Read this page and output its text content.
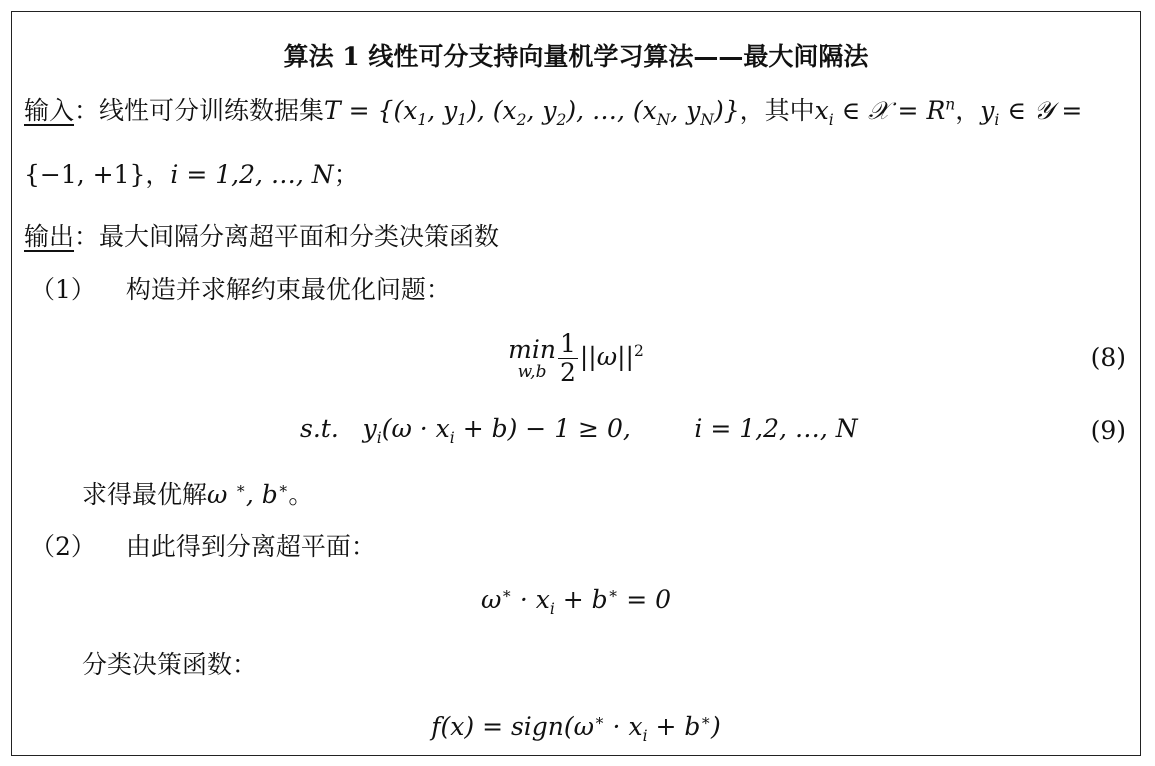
算法 1 线性可分支持向量机学习算法——最大间隔法
输入：线性可分训练数据集$T = \{(x_1$, $y_1$), ($x_2$, $y_2$), …, ($x_N$, $y_N$)}，其中$x_i$ ∈ 𝒳 = $R^n$，$y_i$ ∈ 𝒴 =
{−1, +1}，i = 1,2, …, N；
输出：最大间隔分离超平面和分类决策函数
（1） 构造并求解约束最优化问题：
min
$w,b \frac{1}{2} ||\omega||^2$	(8)
s.t.   $y_i(\omega \cdot x_i + b) - 1 \ge 0$,        i = 1,2, …, N	(9)
求得最优解ω ∗, b∗。
（2） 由此得到分离超平面：
$\omega^∗ \cdot x_i + b^∗ = 0$
分类决策函数：
f(x) = sign(ω∗ · $x_i + b^∗$)
